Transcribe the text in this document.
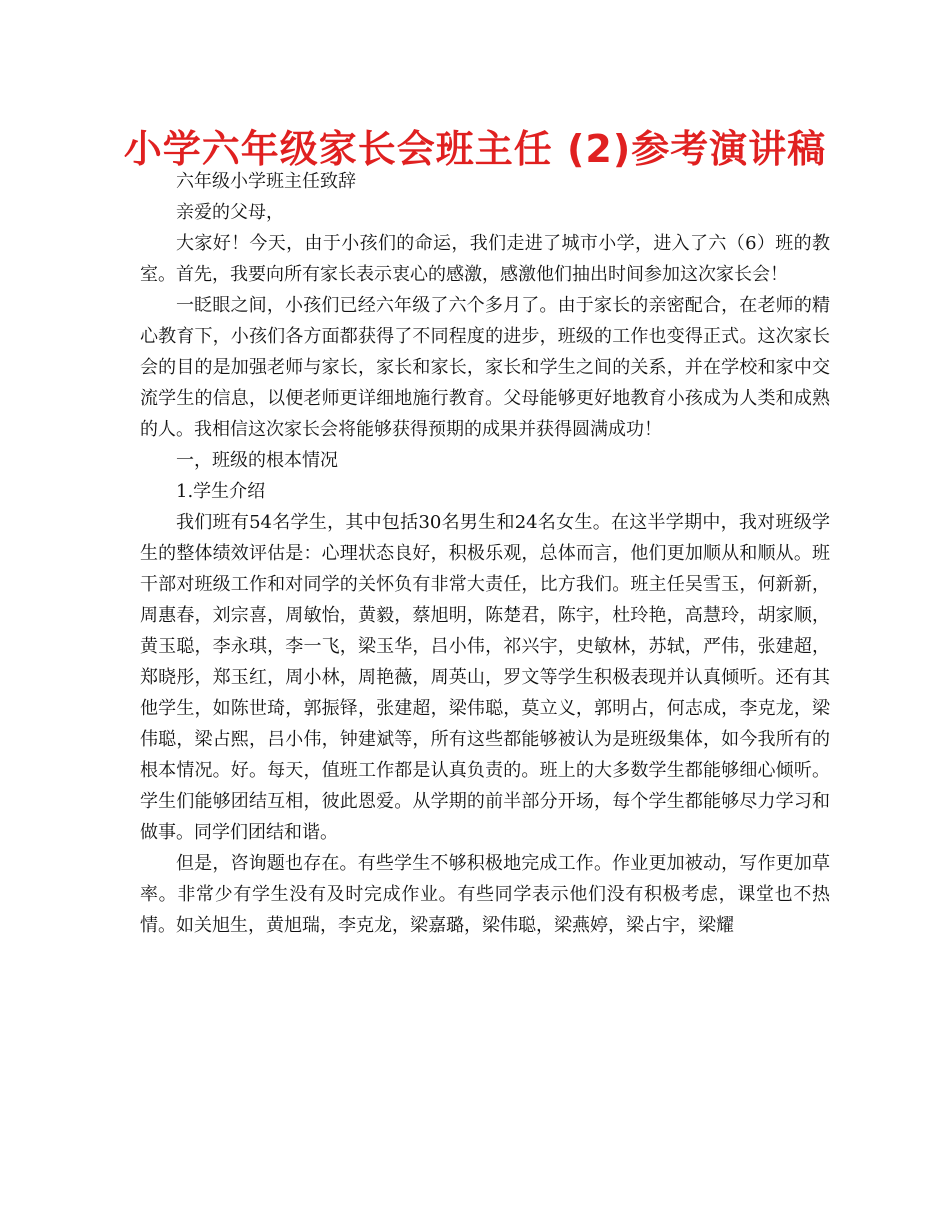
小学六年级家长会班主任 (2)参考演讲稿

六年级小学班主任致辞

亲爱的父母，

大家好！今天，由于小孩们的命运，我们走进了城市小学，进入了六（6）班的教室。首先，我要向所有家长表示衷心的感激，感激他们抽出时间参加这次家长会！

一眨眼之间，小孩们已经六年级了六个多月了。由于家长的亲密配合，在老师的精心教育下，小孩们各方面都获得了不同程度的进步，班级的工作也变得正式。这次家长会的目的是加强老师与家长，家长和家长，家长和学生之间的关系，并在学校和家中交流学生的信息，以便老师更详细地施行教育。父母能够更好地教育小孩成为人类和成熟的人。我相信这次家长会将能够获得预期的成果并获得圆满成功！

一，班级的根本情况

1.学生介绍

我们班有54名学生，其中包括30名男生和24名女生。在这半学期中，我对班级学生的整体绩效评估是：心理状态良好，积极乐观，总体而言，他们更加顺从和顺从。班干部对班级工作和对同学的关怀负有非常大责任，比方我们。班主任吴雪玉，何新新，周惠春，刘宗喜，周敏怡，黄毅，蔡旭明，陈楚君，陈宇，杜玲艳，高慧玲，胡家顺，黄玉聪，李永琪，李一飞，梁玉华，吕小伟，祁兴宇，史敏林，苏轼，严伟，张建超，郑晓彤，郑玉红，周小林，周艳薇，周英山，罗文等学生积极表现并认真倾听。还有其他学生，如陈世琦，郭振铎，张建超，梁伟聪，莫立义，郭明占，何志成，李克龙，梁伟聪，梁占熙，吕小伟，钟建斌等，所有这些都能够被认为是班级集体，如今我所有的根本情况。好。每天，值班工作都是认真负责的。班上的大多数学生都能够细心倾听。学生们能够团结互相，彼此恩爱。从学期的前半部分开场，每个学生都能够尽力学习和做事。同学们团结和谐。

但是，咨询题也存在。有些学生不够积极地完成工作。作业更加被动，写作更加草率。非常少有学生没有及时完成作业。有些同学表示他们没有积极考虑，课堂也不热情。如关旭生，黄旭瑞，李克龙，梁嘉璐，梁伟聪，梁燕婷，梁占宇，梁耀
